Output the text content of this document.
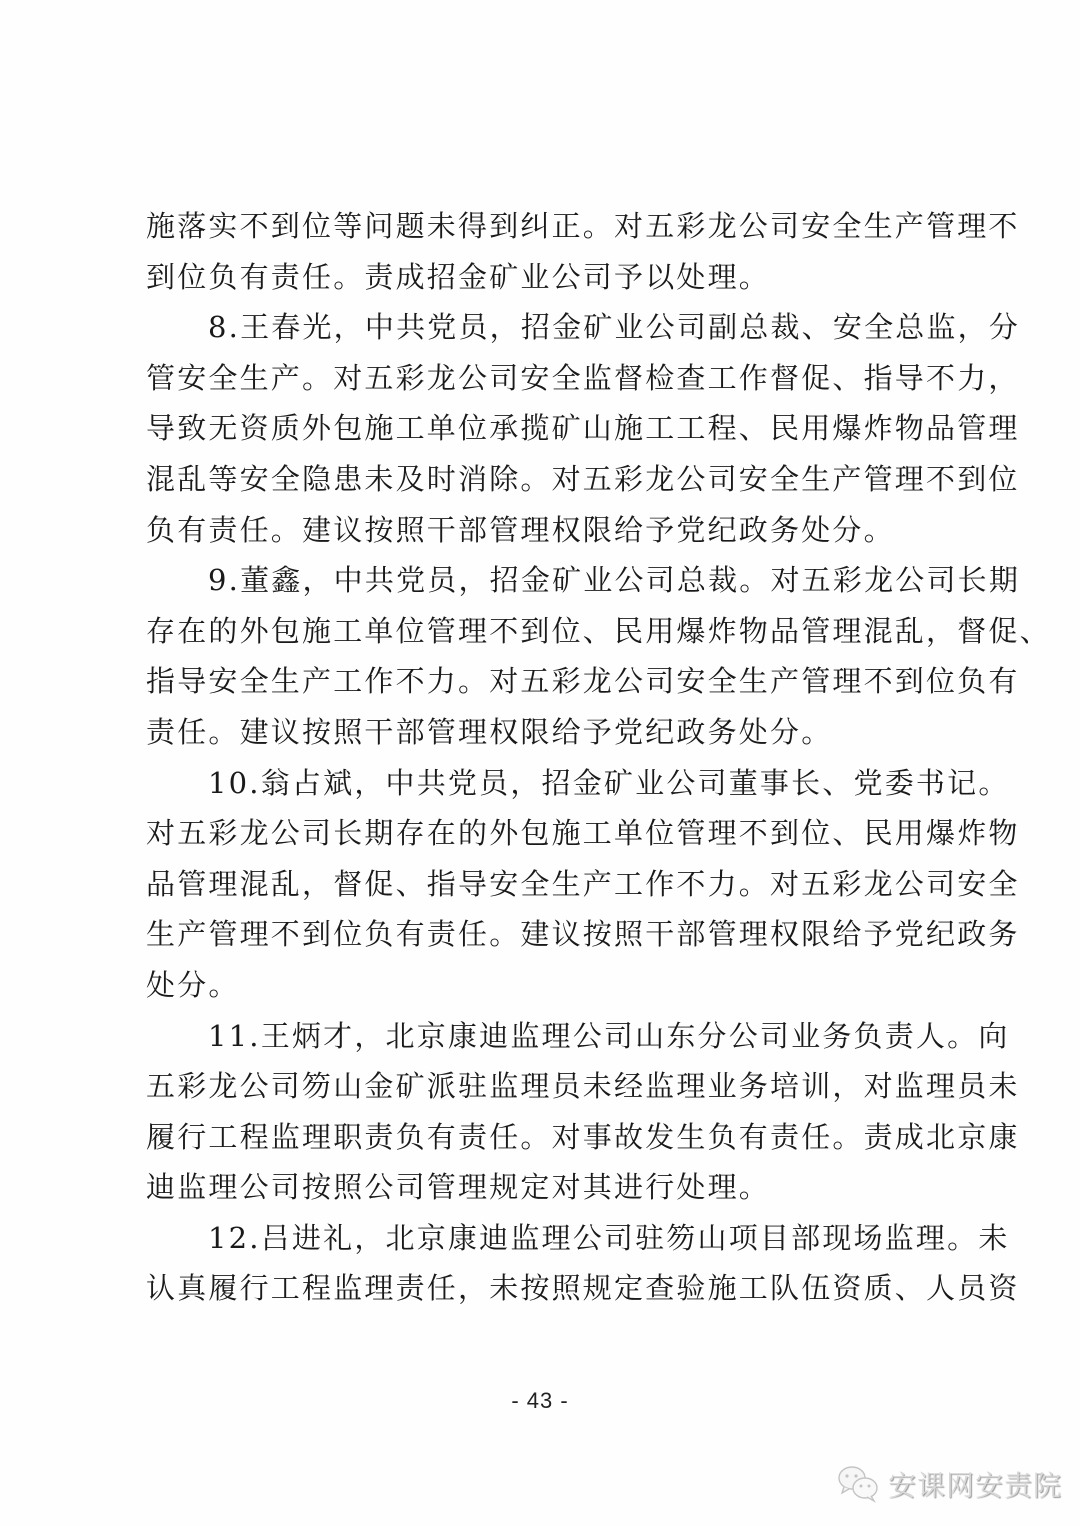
施落实不到位等问题未得到纠正。对五彩龙公司安全生产管理不
到位负有责任。责成招金矿业公司予以处理。
8.王春光，中共党员，招金矿业公司副总裁、安全总监，分
管安全生产。对五彩龙公司安全监督检查工作督促、指导不力，
导致无资质外包施工单位承揽矿山施工工程、民用爆炸物品管理
混乱等安全隐患未及时消除。对五彩龙公司安全生产管理不到位
负有责任。建议按照干部管理权限给予党纪政务处分。
9.董鑫，中共党员，招金矿业公司总裁。对五彩龙公司长期
存在的外包施工单位管理不到位、民用爆炸物品管理混乱，督促、
指导安全生产工作不力。对五彩龙公司安全生产管理不到位负有
责任。建议按照干部管理权限给予党纪政务处分。
10.翁占斌，中共党员，招金矿业公司董事长、党委书记。
对五彩龙公司长期存在的外包施工单位管理不到位、民用爆炸物
品管理混乱，督促、指导安全生产工作不力。对五彩龙公司安全
生产管理不到位负有责任。建议按照干部管理权限给予党纪政务
处分。
11.王炳才，北京康迪监理公司山东分公司业务负责人。向
五彩龙公司笏山金矿派驻监理员未经监理业务培训，对监理员未
履行工程监理职责负有责任。对事故发生负有责任。责成北京康
迪监理公司按照公司管理规定对其进行处理。
12.吕进礼，北京康迪监理公司驻笏山项目部现场监理。未
认真履行工程监理责任，未按照规定查验施工队伍资质、人员资
- 43 -
安课网安责院
